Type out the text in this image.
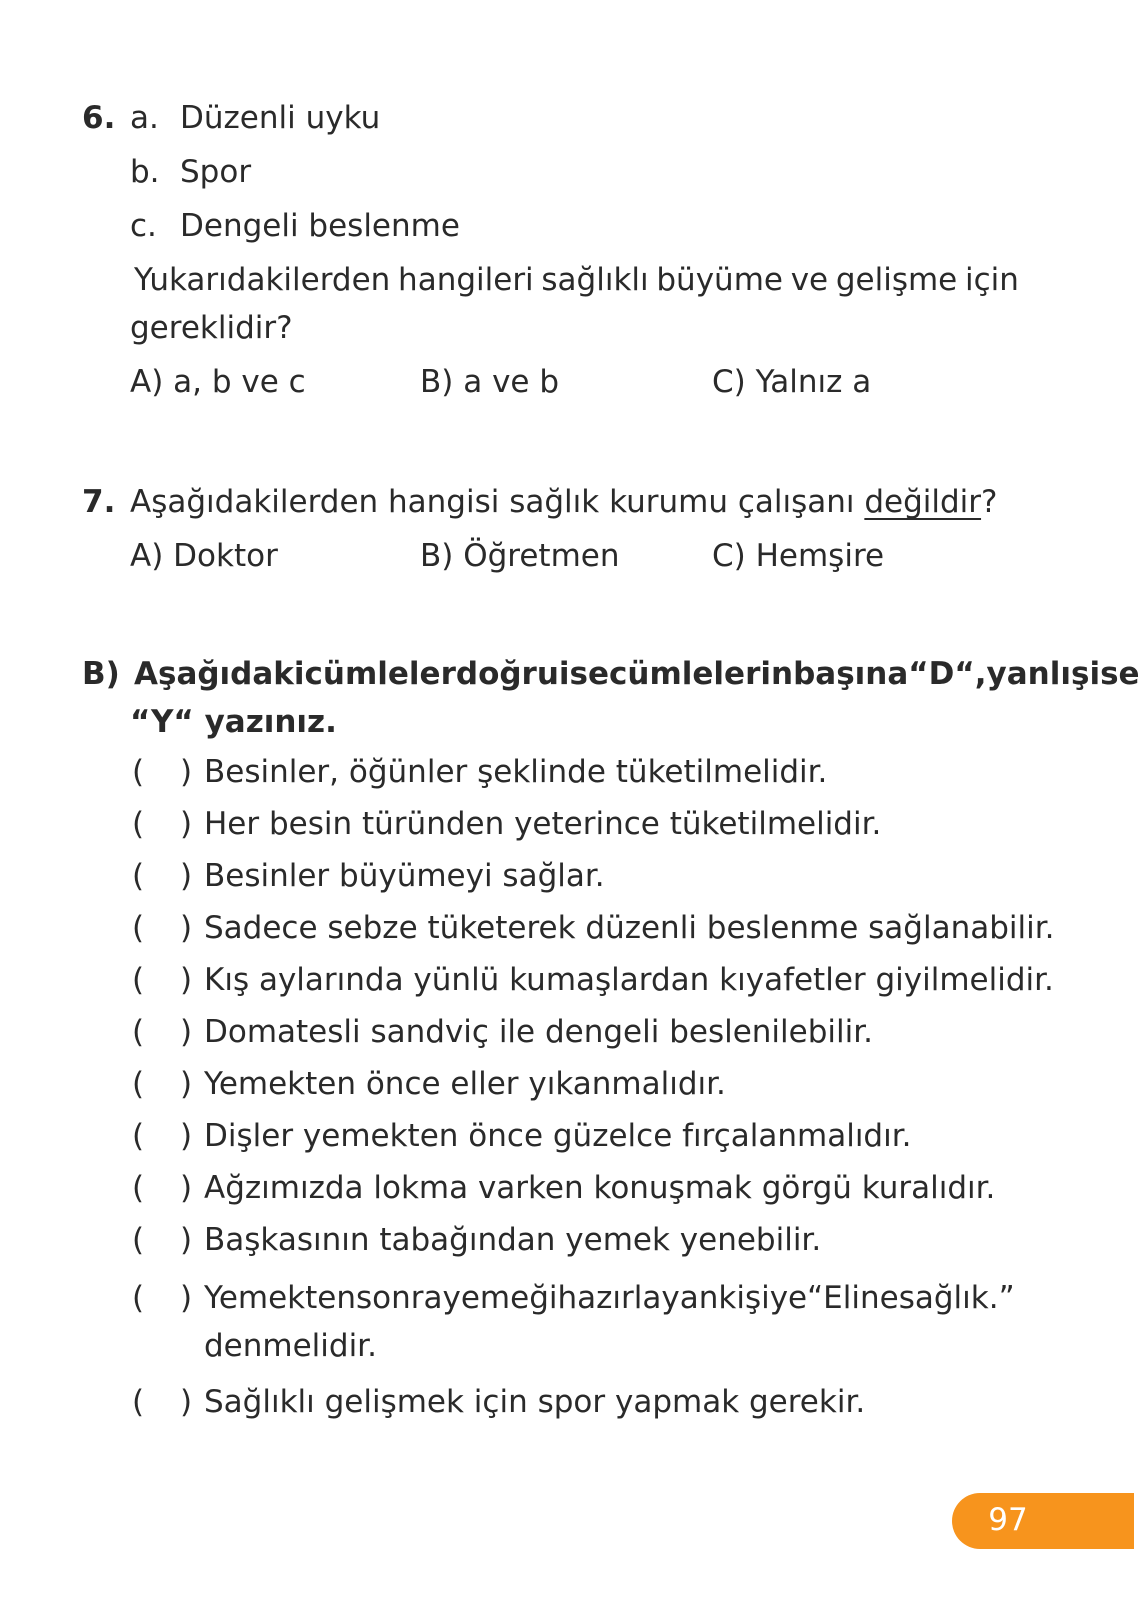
6. a. Düzenli uyku
b. Spor
c. Dengeli beslenme
Yukarıdakilerden hangileri sağlıklı büyüme ve gelişme için
gereklidir?
A) a, b ve c	B) a ve b	C) Yalnız a
7. Aşağıdakilerden hangisi sağlık kurumu çalışanı değildir?
A) Doktor	B) Öğretmen	C) Hemşire
B) Aşağıdaki cümleler doğru ise cümlelerin başına “D“, yanlış ise
“Y“ yazınız.
( ) Besinler, öğünler şeklinde tüketilmelidir.
( ) Her besin türünden yeterince tüketilmelidir.
( ) Besinler büyümeyi sağlar.
( ) Sadece sebze tüketerek düzenli beslenme sağlanabilir.
( ) Kış aylarında yünlü kumaşlardan kıyafetler giyilmelidir.
( ) Domatesli sandviç ile dengeli beslenilebilir.
( ) Yemekten önce eller yıkanmalıdır.
( ) Dişler yemekten önce güzelce fırçalanmalıdır.
( ) Ağzımızda lokma varken konuşmak görgü kuralıdır.
( ) Başkasının tabağından yemek yenebilir.
( ) Yemekten sonra yemeği hazırlayan kişiye “Eline sağlık.”
denmelidir.
( ) Sağlıklı gelişmek için spor yapmak gerekir.
97
